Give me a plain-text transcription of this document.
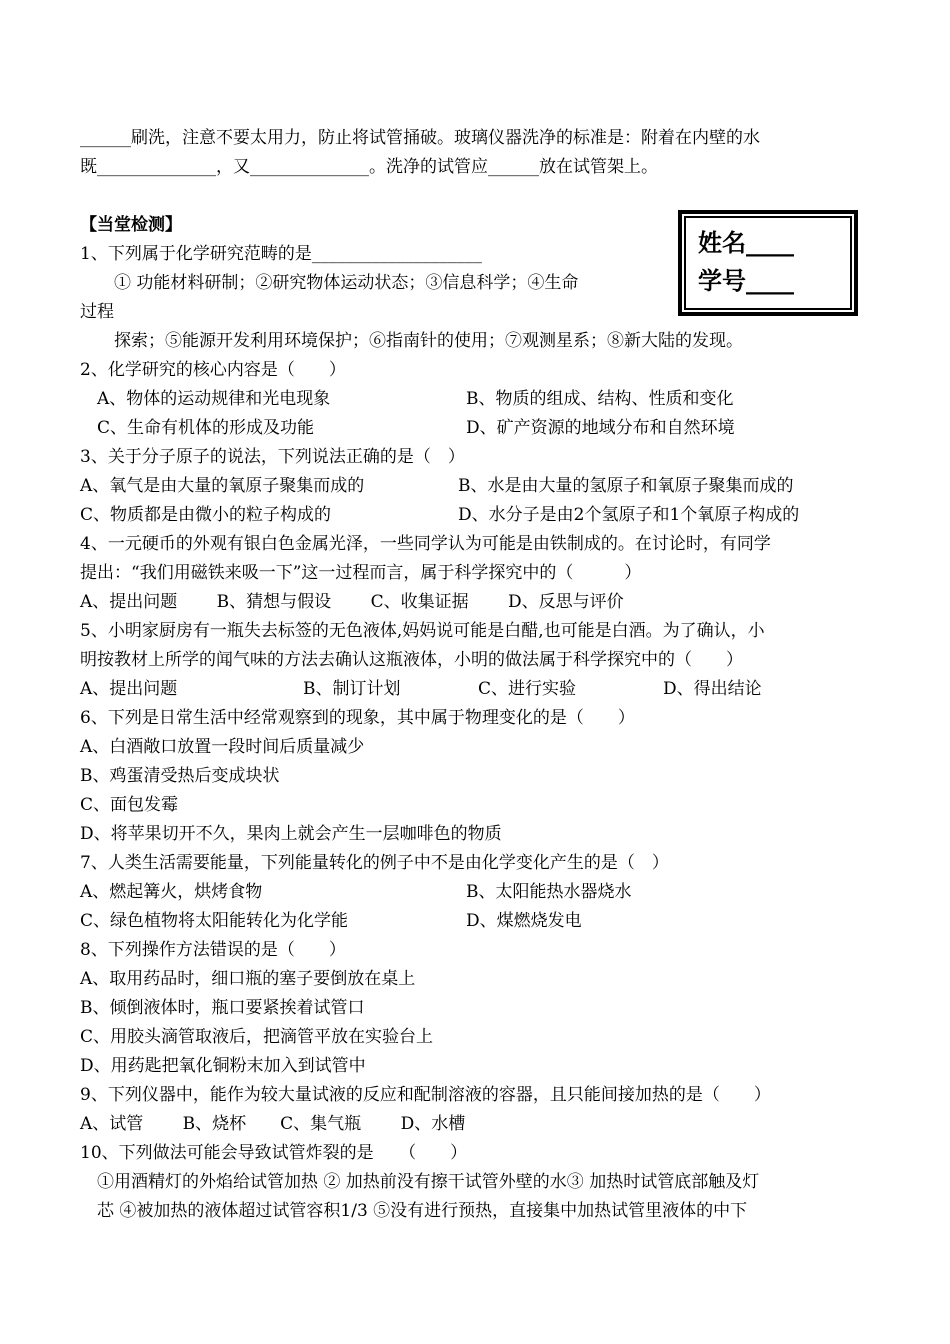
______刷洗，注意不要太用力，防止将试管捅破。玻璃仪器洗净的标准是：附着在内壁的水
既______________，又______________。洗净的试管应______放在试管架上。
【当堂检测】
姓名____
学号____
1、下列属于化学研究范畴的是____________________
　　① 功能材料研制；②研究物体运动状态；③信息科学；④生命
过程
　　探索；⑤能源开发利用环境保护；⑥指南针的使用；⑦观测星系；⑧新大陆的发现。
2、化学研究的核心内容是（　　）
　A、物体的运动规律和光电现象	B、物质的组成、结构、性质和变化
　C、生命有机体的形成及功能	D、矿产资源的地域分布和自然环境
3、关于分子原子的说法，下列说法正确的是（　）
A、氧气是由大量的氧原子聚集而成的	B、水是由大量的氢原子和氧原子聚集而成的
C、物质都是由微小的粒子构成的	D、水分子是由2个氢原子和1个氧原子构成的
4、一元硬币的外观有银白色金属光泽，一些同学认为可能是由铁制成的。在讨论时，有同学
提出：“我们用磁铁来吸一下”这一过程而言，属于科学探究中的（　　　）
A、提出问题　　 B、猜想与假设　　 C、收集证据　　 D、反思与评价
5、小明家厨房有一瓶失去标签的无色液体,妈妈说可能是白醋,也可能是白酒。为了确认，小
明按教材上所学的闻气味的方法去确认这瓶液体，小明的做法属于科学探究中的（　　）
A、提出问题	B、制订计划	C、进行实验	D、得出结论
6、下列是日常生活中经常观察到的现象，其中属于物理变化的是（　　）
A、白酒敞口放置一段时间后质量减少
B、鸡蛋清受热后变成块状
C、面包发霉
D、将苹果切开不久，果肉上就会产生一层咖啡色的物质
7、人类生活需要能量，下列能量转化的例子中不是由化学变化产生的是（　）
A、燃起篝火，烘烤食物	B、太阳能热水器烧水
C、绿色植物将太阳能转化为化学能	D、煤燃烧发电
8、下列操作方法错误的是（　　）
A、取用药品时，细口瓶的塞子要倒放在桌上
B、倾倒液体时，瓶口要紧挨着试管口
C、用胶头滴管取液后，把滴管平放在实验台上
D、用药匙把氧化铜粉末加入到试管中
9、下列仪器中，能作为较大量试液的反应和配制溶液的容器，且只能间接加热的是（　　）
A、试管　　 B、烧杯　　C、集气瓶　　 D、水槽
10、下列做法可能会导致试管炸裂的是　　（　　）
　①用酒精灯的外焰给试管加热 ② 加热前没有擦干试管外壁的水③ 加热时试管底部触及灯
　芯 ④被加热的液体超过试管容积1/3 ⑤没有进行预热，直接集中加热试管里液体的中下
